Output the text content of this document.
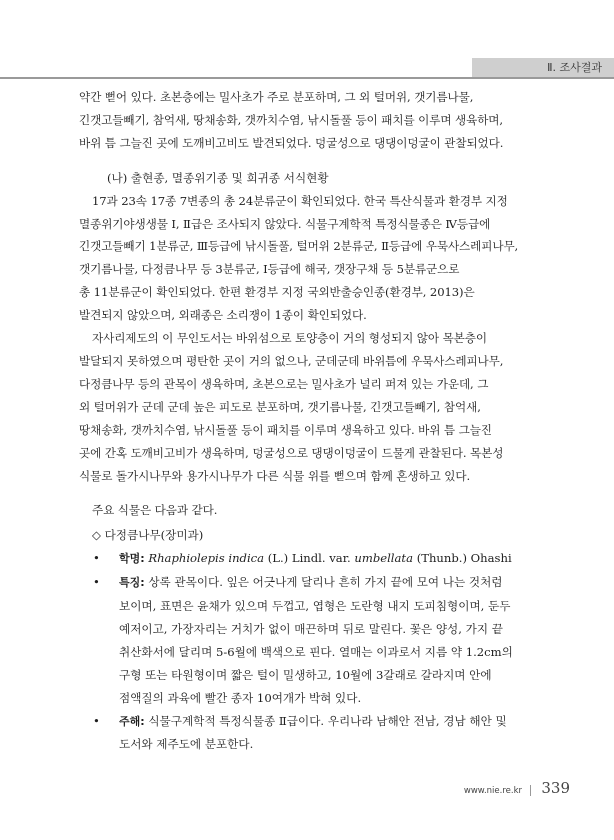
Ⅱ. 조사결과
약간 뻗어 있다. 초본층에는 밀사초가 주로 분포하며, 그 외 털머위, 갯기름나물,
긴갯고들빼기, 참억새, 땅채송화, 갯까치수염, 낚시돌풀 등이 패치를 이루며 생육하며,
바위 틈 그늘진 곳에 도깨비고비도 발견되었다. 덩굴성으로 댕댕이덩굴이 관찰되었다.
(나) 출현종, 멸종위기종 및 희귀종 서식현황
17과 23속 17종 7변종의 총 24분류군이 확인되었다. 한국 특산식물과 환경부 지정
멸종위기야생생물 Ⅰ, Ⅱ급은 조사되지 않았다. 식물구계학적 특정식물종은 Ⅳ등급에
긴갯고들빼기 1분류군, Ⅲ등급에 낚시돌풀, 털머위 2분류군, Ⅱ등급에 우묵사스레피나무,
갯기름나물, 다정큼나무 등 3분류군, Ⅰ등급에 해국, 갯장구채 등 5분류군으로
총 11분류군이 확인되었다. 한편 환경부 지정 국외반출승인종(환경부, 2013)은
발견되지 않았으며, 외래종은 소리쟁이 1종이 확인되었다.
자사리제도의 이 무인도서는 바위섬으로 토양층이 거의 형성되지 않아 목본층이
발달되지 못하였으며 평탄한 곳이 거의 없으나, 군데군데 바위틈에 우묵사스레피나무,
다정큼나무 등의 관목이 생육하며, 초본으로는 밀사초가 널리 퍼져 있는 가운데, 그
외 털머위가 군데 군데 높은 피도로 분포하며, 갯기름나물, 긴갯고들빼기, 참억새,
땅채송화, 갯까치수염, 낚시돌풀 등이 패치를 이루며 생육하고 있다. 바위 틈 그늘진
곳에 간혹 도깨비고비가 생육하며, 덩굴성으로 댕댕이덩굴이 드물게 관찰된다. 목본성
식물로 돌가시나무와 용가시나무가 다른 식물 위를 뻗으며 함께 혼생하고 있다.
주요 식물은 다음과 같다.
◇ 다정큼나무(장미과)
• 학명: Rhaphiolepis indica (L.) Lindl. var. umbellata (Thunb.) Ohashi
• 특징: 상록 관목이다. 잎은 어긋나게 달리나 흔히 가지 끝에 모여 나는 것처럼
보이며, 표면은 윤채가 있으며 두껍고, 엽형은 도란형 내지 도피침형이며, 둔두
예저이고, 가장자리는 거치가 없이 매끈하며 뒤로 말린다. 꽃은 양성, 가지 끝
취산화서에 달리며 5-6월에 백색으로 핀다. 열매는 이과로서 지름 약 1.2cm의
구형 또는 타원형이며 짧은 털이 밀생하고, 10월에 3갈래로 갈라지며 안에
점액질의 과육에 빨간 종자 10여개가 박혀 있다.
• 주해: 식물구계학적 특정식물종 Ⅱ급이다. 우리나라 남해안 전남, 경남 해안 및
도서와 제주도에 분포한다.
www.nie.re.kr 339
